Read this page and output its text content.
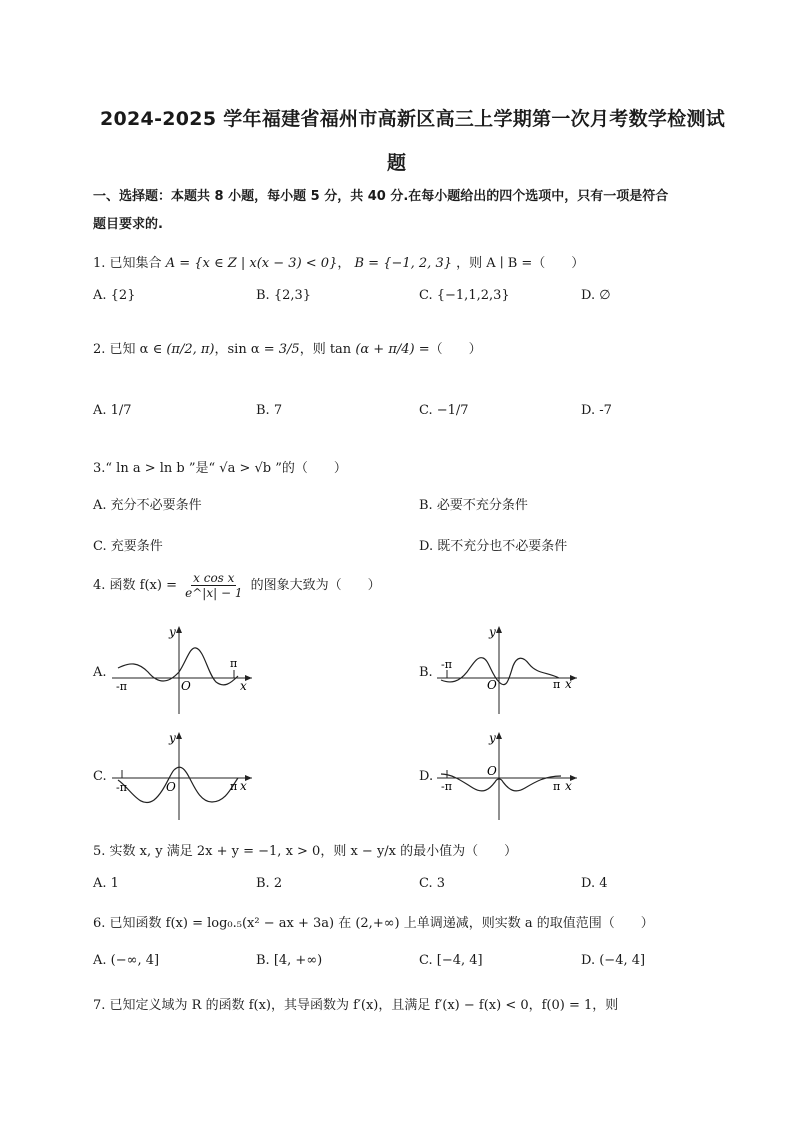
2024-2025 学年福建省福州市高新区高三上学期第一次月考数学检测试
题
一、选择题：本题共 8 小题，每小题 5 分，共 40 分.在每小题给出的四个选项中，只有一项是符合
题目要求的.
1. 已知集合 A = {x ∈ Z | x(x − 3) < 0}， B = {−1, 2, 3} ，则 A ∣ B =（　　）
A. {2}	B. {2,3}	C. {−1,1,2,3}	D. ∅
2. 已知 α ∈ (π/2, π)，sin α = 3/5，则 tan (α + π/4) =（　　）
A. 1/7	B. 7	C. −1/7	D. -7
3.“ ln a > ln b ”是“ √a > √b ”的（　　）
A. 充分不必要条件	B. 必要不充分条件
C. 充要条件	D. 既不充分也不必要条件
4. 函数 $f(x) = \frac{\text{x cos x}}{e\^{}|x| - 1}$ 的图象大致为（　　）
A.	B.
C.	D.
y
x
O
π
-π
y
x
O	π
-π
y
x
O	π
-π
y
x
O
π
-π
5. 实数 x, y 满足 2x + y = −1, x > 0，则 x − y/x 的最小值为（　　）
A. 1	B. 2	C. 3	D. 4
6. 已知函数 f(x) = log₀.₅(x² − ax + 3a) 在 (2,+∞) 上单调递减，则实数 a 的取值范围（　　）
A. (−∞, 4]	B. [4, +∞)	C. [−4, 4]	D. (−4, 4]
7. 已知定义域为 R 的函数 f(x)，其导函数为 f′(x)，且满足 f′(x) − f(x) < 0，f(0) = 1，则
